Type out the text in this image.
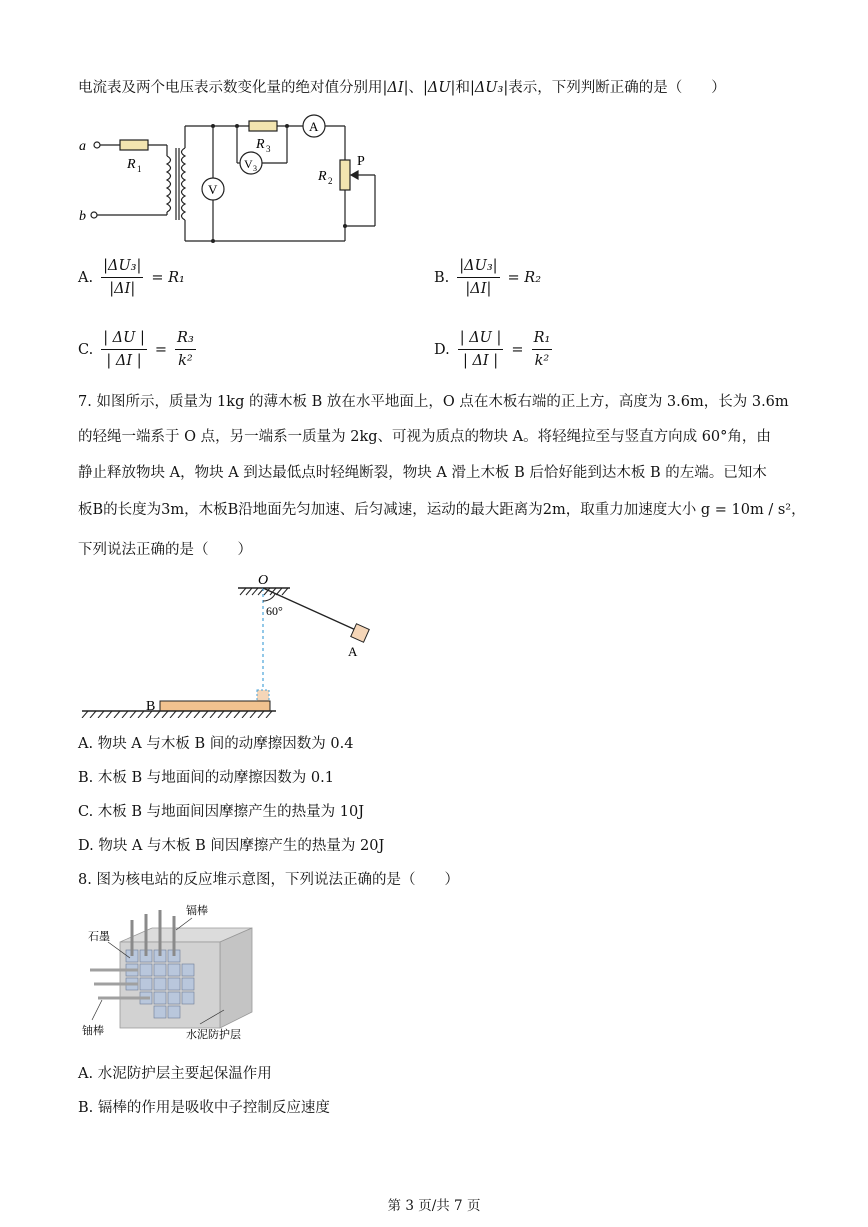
电流表及两个电压表示数变化量的绝对值分别用|ΔI|、|ΔU|和|ΔU₃|表示，下列判断正确的是（　　）
a
b
R 1
R 3
R 2
A
V
V 3	P
A. $\frac{\text{|ΔU₃|}}{|\Delta I|} = R_1$	B. $\frac{\text{|ΔU₃|}}{|\Delta I|} = R_2$
C. $\frac{| \Delta U |}{| \Delta I |} = \frac{\text{R₃}}{\text{k²}}$	D. $\frac{| \Delta U |}{| \Delta I |} = \frac{\text{R₁}}{\text{k²}}$
7. 如图所示，质量为 1kg 的薄木板 B 放在水平地面上，O 点在木板右端的正上方，高度为 3.6m，长为 3.6m
的轻绳一端系于 O 点，另一端系一质量为 2kg、可视为质点的物块 A。将轻绳拉至与竖直方向成 60°角，由
静止释放物块 A，物块 A 到达最低点时轻绳断裂，物块 A 滑上木板 B 后恰好能到达木板 B 的左端。已知木
板B的长度为3m，木板B沿地面先匀加速、后匀减速，运动的最大距离为2m，取重力加速度大小 g = 10m / s²，
下列说法正确的是（　　）
O
60°
A
B
A. 物块 A 与木板 B 间的动摩擦因数为 0.4
B. 木板 B 与地面间的动摩擦因数为 0.1
C. 木板 B 与地面间因摩擦产生的热量为 10J
D. 物块 A 与木板 B 间因摩擦产生的热量为 20J
8. 图为核电站的反应堆示意图，下列说法正确的是（　　）
石墨
镉棒
铀棒	水泥防护层
A. 水泥防护层主要起保温作用
B. 镉棒的作用是吸收中子控制反应速度
第 3 页/共 7 页
